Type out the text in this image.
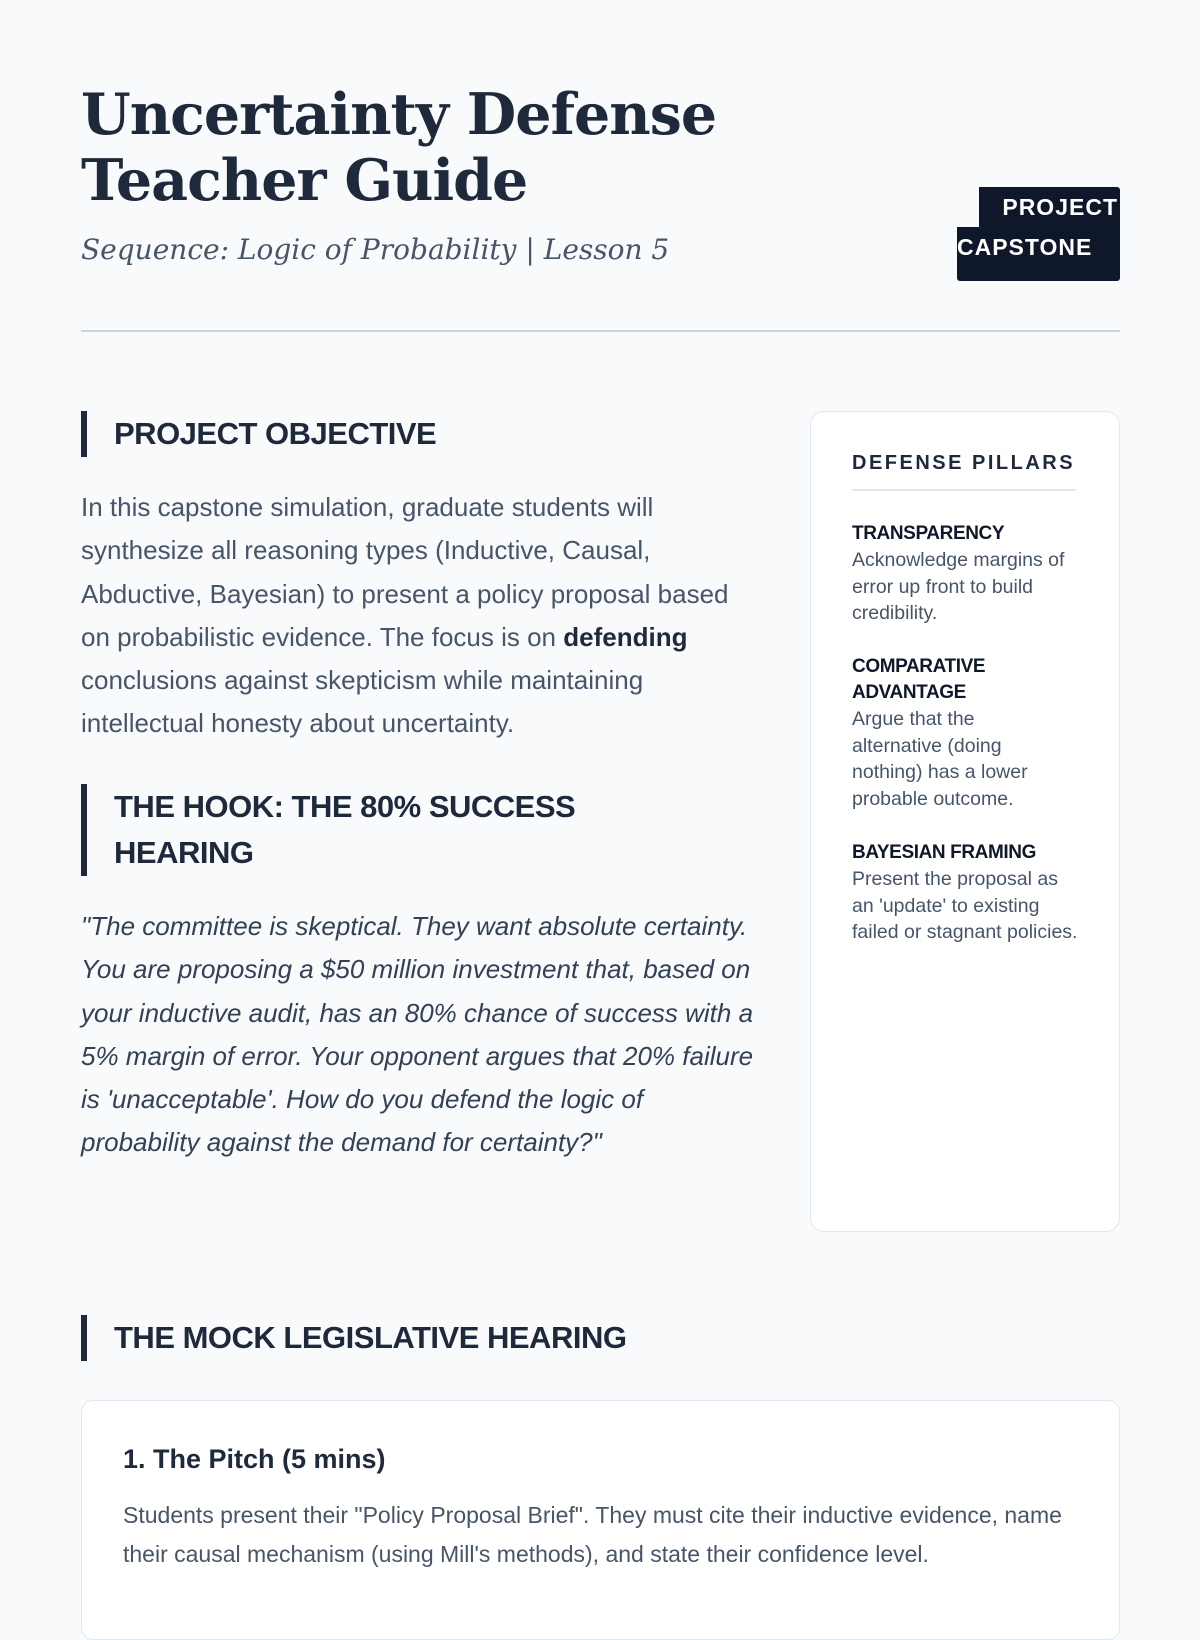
Uncertainty Defense
Teacher Guide

Sequence: Logic of Probability | Lesson 5

PROJECT
CAPSTONE
PROJECT OBJECTIVE

In this capstone simulation, graduate students will synthesize all reasoning types (Inductive, Causal, Abductive, Bayesian) to present a policy proposal based on probabilistic evidence. The focus is on defending conclusions against skepticism while maintaining intellectual honesty about uncertainty.

THE HOOK: THE 80% SUCCESS HEARING

"The committee is skeptical. They want absolute certainty. You are proposing a $50 million investment that, based on your inductive audit, has an 80% chance of success with a 5% margin of error. Your opponent argues that 20% failure is 'unacceptable'. How do you defend the logic of probability against the demand for certainty?"

DEFENSE PILLARS

TRANSPARENCY

Acknowledge margins of error up front to build credibility.

COMPARATIVE ADVANTAGE

Argue that the alternative (doing nothing) has a lower probable outcome.

BAYESIAN FRAMING

Present the proposal as an 'update' to existing failed or stagnant policies.

THE MOCK LEGISLATIVE HEARING
1. The Pitch (5 mins)

Students present their "Policy Proposal Brief". They must cite their inductive evidence, name their causal mechanism (using Mill's methods), and state their confidence level.
